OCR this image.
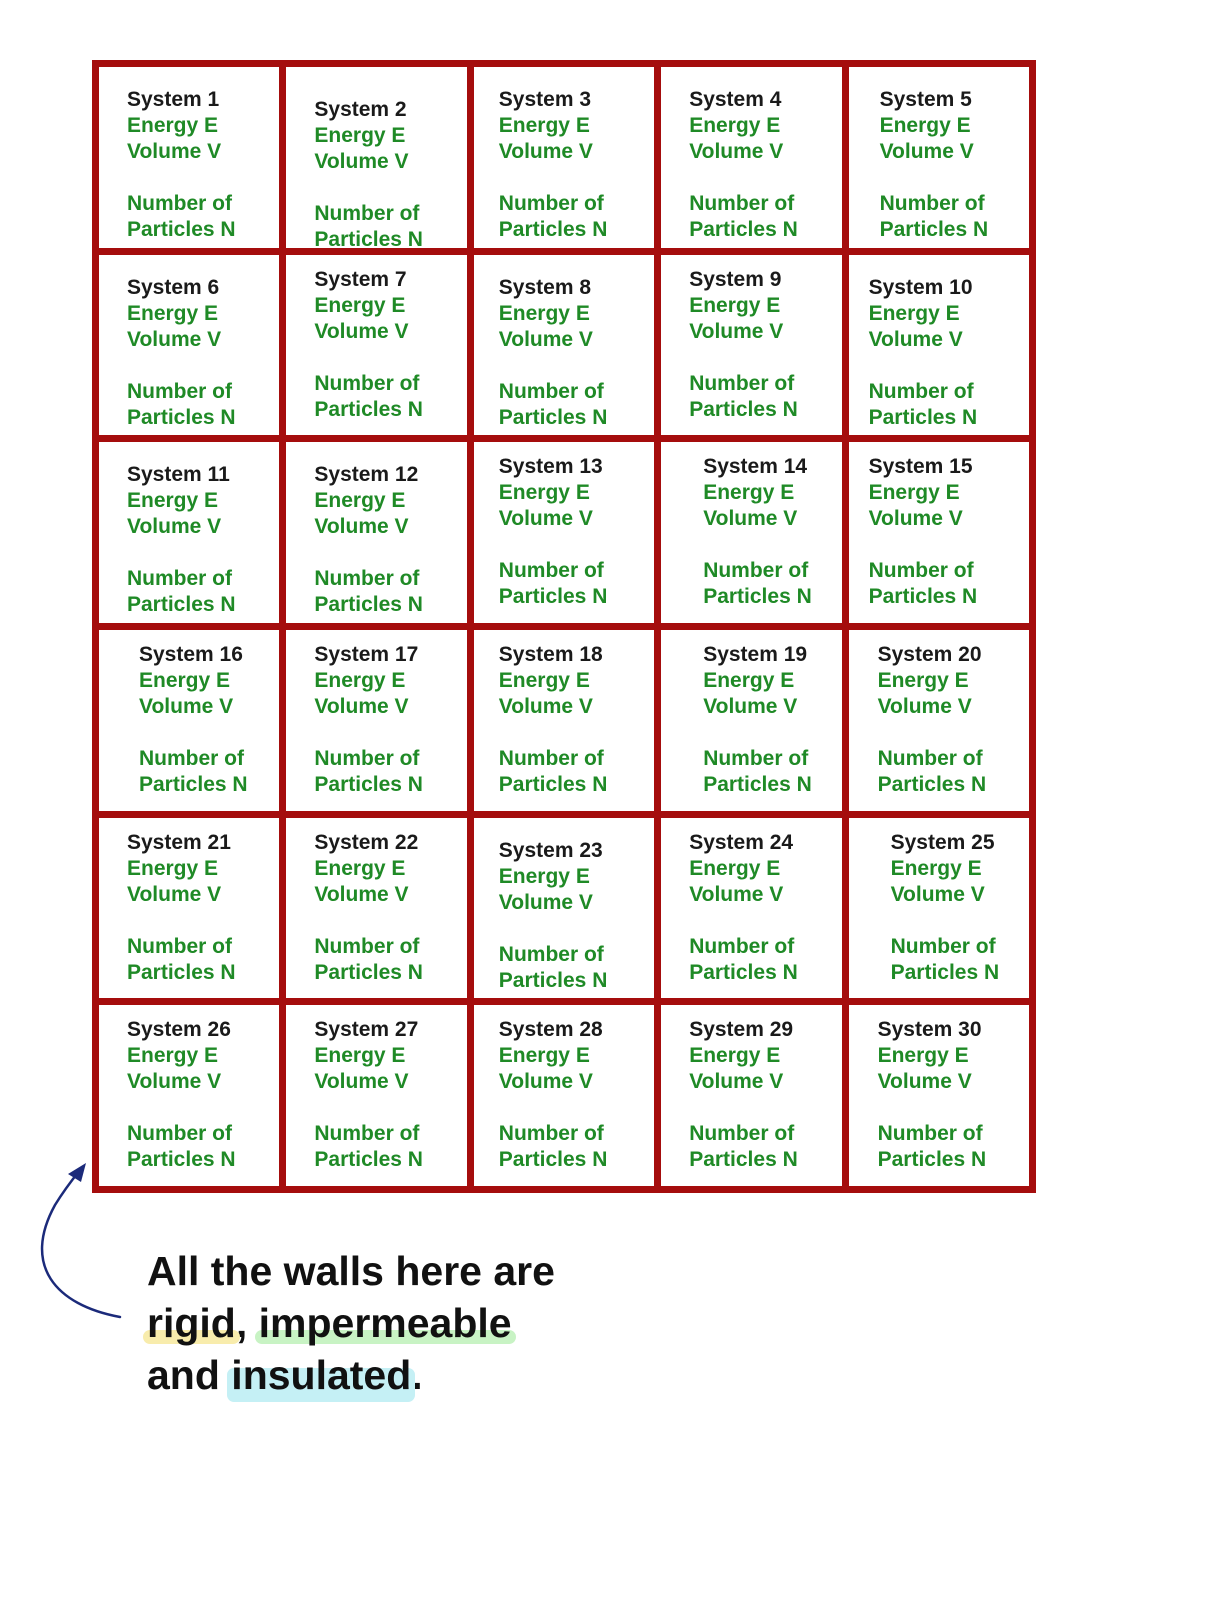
System 1
Energy E
Volume V
Number of
Particles N
System 2
Energy E
Volume V
Number of
Particles N
System 3
Energy E
Volume V
Number of
Particles N
System 4
Energy E
Volume V
Number of
Particles N
System 5
Energy E
Volume V
Number of
Particles N
System 6
Energy E
Volume V
Number of
Particles N
System 7
Energy E
Volume V
Number of
Particles N
System 8
Energy E
Volume V
Number of
Particles N
System 9
Energy E
Volume V
Number of
Particles N
System 10
Energy E
Volume V
Number of
Particles N
System 11
Energy E
Volume V
Number of
Particles N
System 12
Energy E
Volume V
Number of
Particles N
System 13
Energy E
Volume V
Number of
Particles N
System 14
Energy E
Volume V
Number of
Particles N
System 15
Energy E
Volume V
Number of
Particles N
System 16
Energy E
Volume V
Number of
Particles N
System 17
Energy E
Volume V
Number of
Particles N
System 18
Energy E
Volume V
Number of
Particles N
System 19
Energy E
Volume V
Number of
Particles N
System 20
Energy E
Volume V
Number of
Particles N
System 21
Energy E
Volume V
Number of
Particles N
System 22
Energy E
Volume V
Number of
Particles N
System 23
Energy E
Volume V
Number of
Particles N
System 24
Energy E
Volume V
Number of
Particles N
System 25
Energy E
Volume V
Number of
Particles N
System 26
Energy E
Volume V
Number of
Particles N
System 27
Energy E
Volume V
Number of
Particles N
System 28
Energy E
Volume V
Number of
Particles N
System 29
Energy E
Volume V
Number of
Particles N
System 30
Energy E
Volume V
Number of
Particles N
All the walls here are
rigid, impermeable
and insulated.
